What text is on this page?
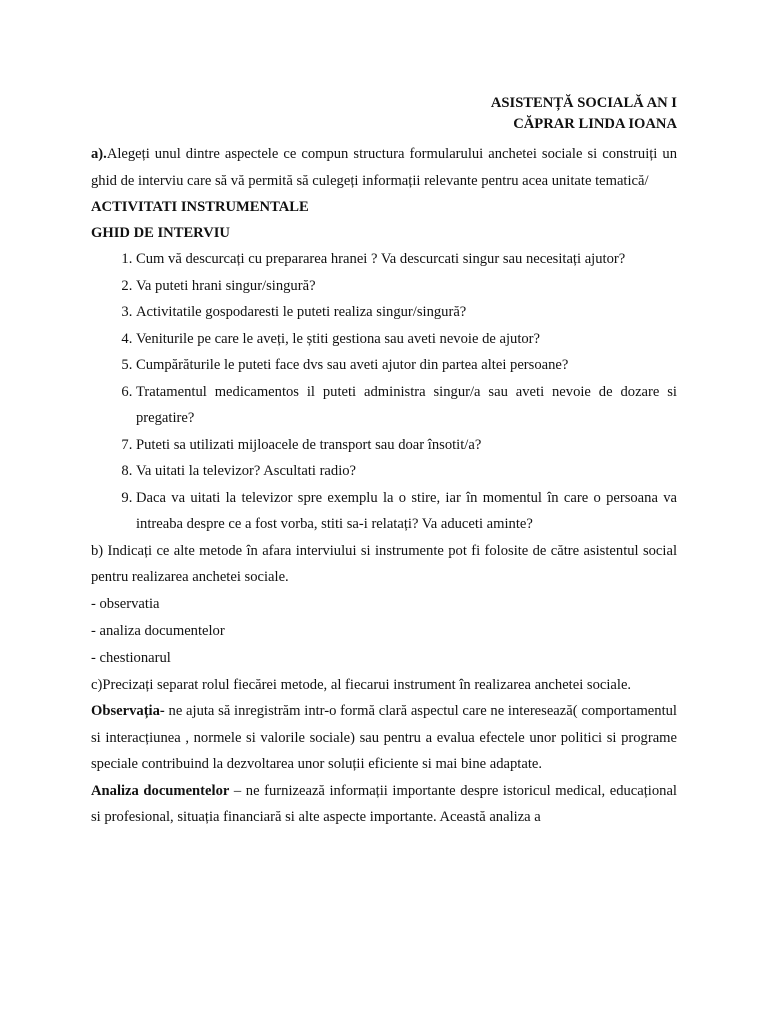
ASISTENȚĂ SOCIALĂ AN I
CĂPRAR LINDA IOANA

a).Alegeți unul dintre aspectele ce compun structura formularului anchetei sociale si construiți un ghid de interviu care să vă permită să culegeți informații relevante pentru acea unitate tematică/

ACTIVITATI INSTRUMENTALE

GHID DE INTERVIU

1. Cum vă descurcați cu prepararea hranei ? Va descurcati singur sau necesitați ajutor?
2. Va puteti hrani singur/singură?
3. Activitatile gospodaresti le puteti realiza singur/singură?
4. Veniturile pe care le aveți, le știti gestiona sau aveti nevoie de ajutor?
5. Cumpărăturile le puteti face dvs sau aveti ajutor din partea altei persoane?
6. Tratamentul medicamentos il puteti administra singur/a sau aveti nevoie de dozare si pregatire?
7. Puteti sa utilizati mijloacele de transport sau doar însotit/a?
8. Va uitati la televizor? Ascultati radio?
9. Daca va uitati la televizor spre exemplu la o stire, iar în momentul în care o persoana va intreaba despre ce a fost vorba, stiti sa-i relatați? Va aduceti aminte?

b) Indicați ce alte metode în afara interviului si instrumente pot fi folosite de către asistentul social pentru realizarea anchetei sociale.

- observatia

- analiza documentelor

- chestionarul

c)Precizați separat rolul fiecărei metode, al fiecarui instrument în realizarea anchetei sociale.

Observația- ne ajuta să inregistrăm intr-o formă clară aspectul care ne interesează( comportamentul si interacțiunea , normele si valorile sociale) sau pentru a evalua efectele unor politici si programe speciale contribuind la dezvoltarea unor soluții eficiente si mai bine adaptate.

Analiza documentelor – ne furnizează informații importante despre istoricul medical, educațional si profesional, situația financiară si alte aspecte importante. Această analiza a
